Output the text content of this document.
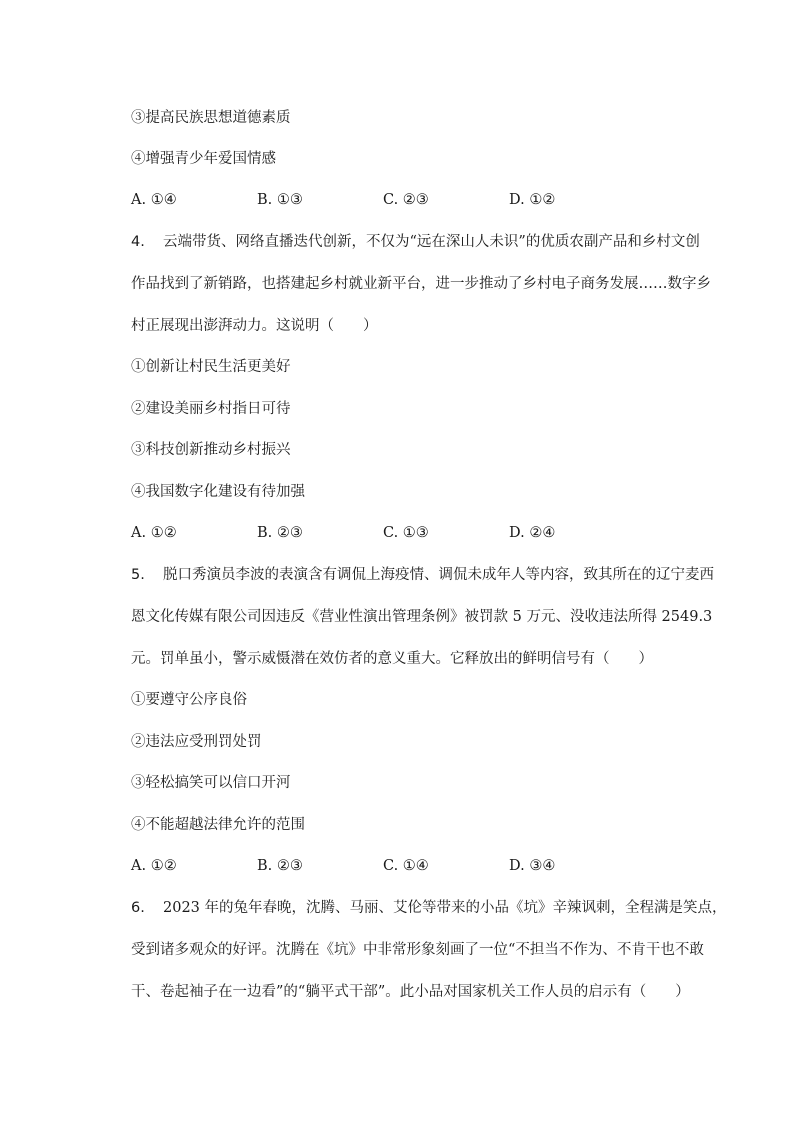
③提高民族思想道德素质
④增强青少年爱国情感
A. ①④	B. ①③	C. ②③	D. ①②
4. 云端带货、网络直播迭代创新，不仅为“远在深山人未识”的优质农副产品和乡村文创
作品找到了新销路，也搭建起乡村就业新平台，进一步推动了乡村电子商务发展……数字乡
村正展现出澎湃动力。这说明（　　）
①创新让村民生活更美好
②建设美丽乡村指日可待
③科技创新推动乡村振兴
④我国数字化建设有待加强
A. ①②	B. ②③	C. ①③	D. ②④
5. 脱口秀演员李波的表演含有调侃上海疫情、调侃未成年人等内容，致其所在的辽宁麦西
恩文化传媒有限公司因违反《营业性演出管理条例》被罚款 5 万元、没收违法所得 2549.3
元。罚单虽小，警示威慑潜在效仿者的意义重大。它释放出的鲜明信号有（　　）
①要遵守公序良俗
②违法应受刑罚处罚
③轻松搞笑可以信口开河
④不能超越法律允许的范围
A. ①②	B. ②③	C. ①④	D. ③④
6. 2023 年的兔年春晚，沈腾、马丽、艾伦等带来的小品《坑》辛辣讽刺，全程满是笑点，
受到诸多观众的好评。沈腾在《坑》中非常形象刻画了一位“不担当不作为、不肯干也不敢
干、卷起袖子在一边看”的“躺平式干部”。此小品对国家机关工作人员的启示有（　　）
